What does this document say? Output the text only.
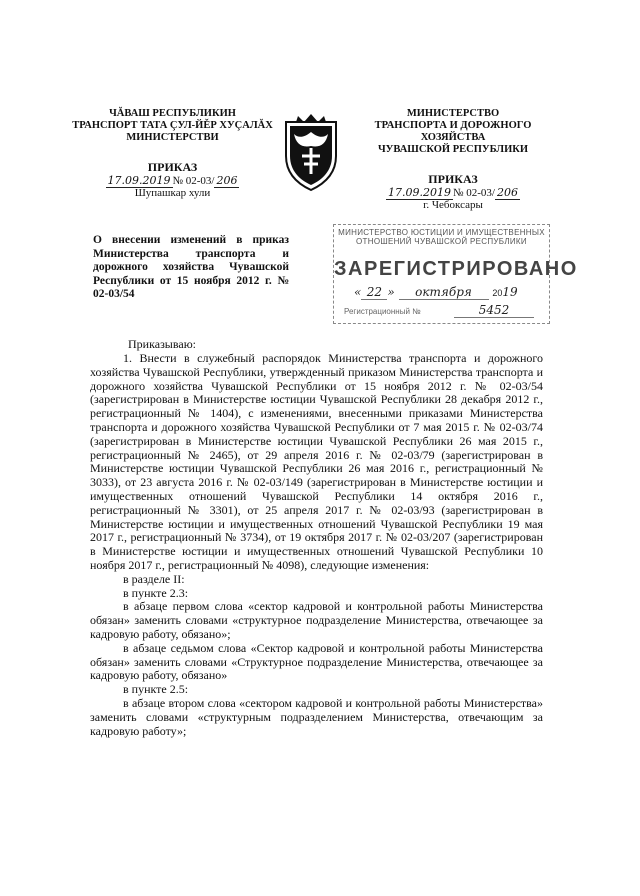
ЧĂВАШ РЕСПУБЛИКИН
ТРАНСПОРТ ТАТА ÇУЛ-ЙĚР ХУÇАЛĂХ
МИНИСТЕРСТВИ
ПРИКАЗ
17.09.2019 № 02-03/ 206
Шупашкар хули
МИНИСТЕРСТВО
ТРАНСПОРТА И ДОРОЖНОГО ХОЗЯЙСТВА
ЧУВАШСКОЙ РЕСПУБЛИКИ
ПРИКАЗ
17.09.2019 № 02-03/ 206
г. Чебоксары
О внесении изменений в приказ Министерства транспорта и дорожного хозяйства Чувашской Республики от 15 ноября 2012 г. № 02-03/54
МИНИСТЕРСТВО ЮСТИЦИИ И ИМУЩЕСТВЕННЫХ
ОТНОШЕНИЙ ЧУВАШСКОЙ РЕСПУБЛИКИ
ЗАРЕГИСТРИРОВАНО
« 22 » октября 2019
Регистрационный №	5452
Приказываю:

1. Внести в служебный распорядок Министерства транспорта и дорожного хозяйства Чувашской Республики, утвержденный приказом Министерства транспорта и дорожного хозяйства Чувашской Республики от 15 ноября 2012 г. № 02-03/54 (зарегистрирован в Министерстве юстиции Чувашской Республики 28 декабря 2012 г., регистрационный № 1404), с изменениями, внесенными приказами Министерства транспорта и дорожного хозяйства Чувашской Республики от 7 мая 2015 г. № 02-03/74 (зарегистрирован в Министерстве юстиции Чувашской Республики 26 мая 2015 г., регистрационный № 2465), от 29 апреля 2016 г. № 02-03/79 (зарегистрирован в Министерстве юстиции Чувашской Республики 26 мая 2016 г., регистрационный № 3033), от 23 августа 2016 г. № 02-03/149 (зарегистрирован в Министерстве юстиции и имущественных отношений Чувашской Республики 14 октября 2016 г., регистрационный № 3301), от 25 апреля 2017 г. № 02-03/93 (зарегистрирован в Министерстве юстиции и имущественных отношений Чувашской Республики 19 мая 2017 г., регистрационный № 3734), от 19 октября 2017 г. № 02-03/207 (зарегистрирован в Министерстве юстиции и имущественных отношений Чувашской Республики 10 ноября 2017 г., регистрационный № 4098), следующие изменения:

в разделе II:

в пункте 2.3:

в абзаце первом слова «сектор кадровой и контрольной работы Министерства обязан» заменить словами «структурное подразделение Министерства, отвечающее за кадровую работу, обязано»;

в абзаце седьмом слова «Сектор кадровой и контрольной работы Министерства обязан» заменить словами «Структурное подразделение Министерства, отвечающее за кадровую работу, обязано»

в пункте 2.5:

в абзаце втором слова «сектором кадровой и контрольной работы Министерства» заменить словами «структурным подразделением Министерства, отвечающим за кадровую работу»;
